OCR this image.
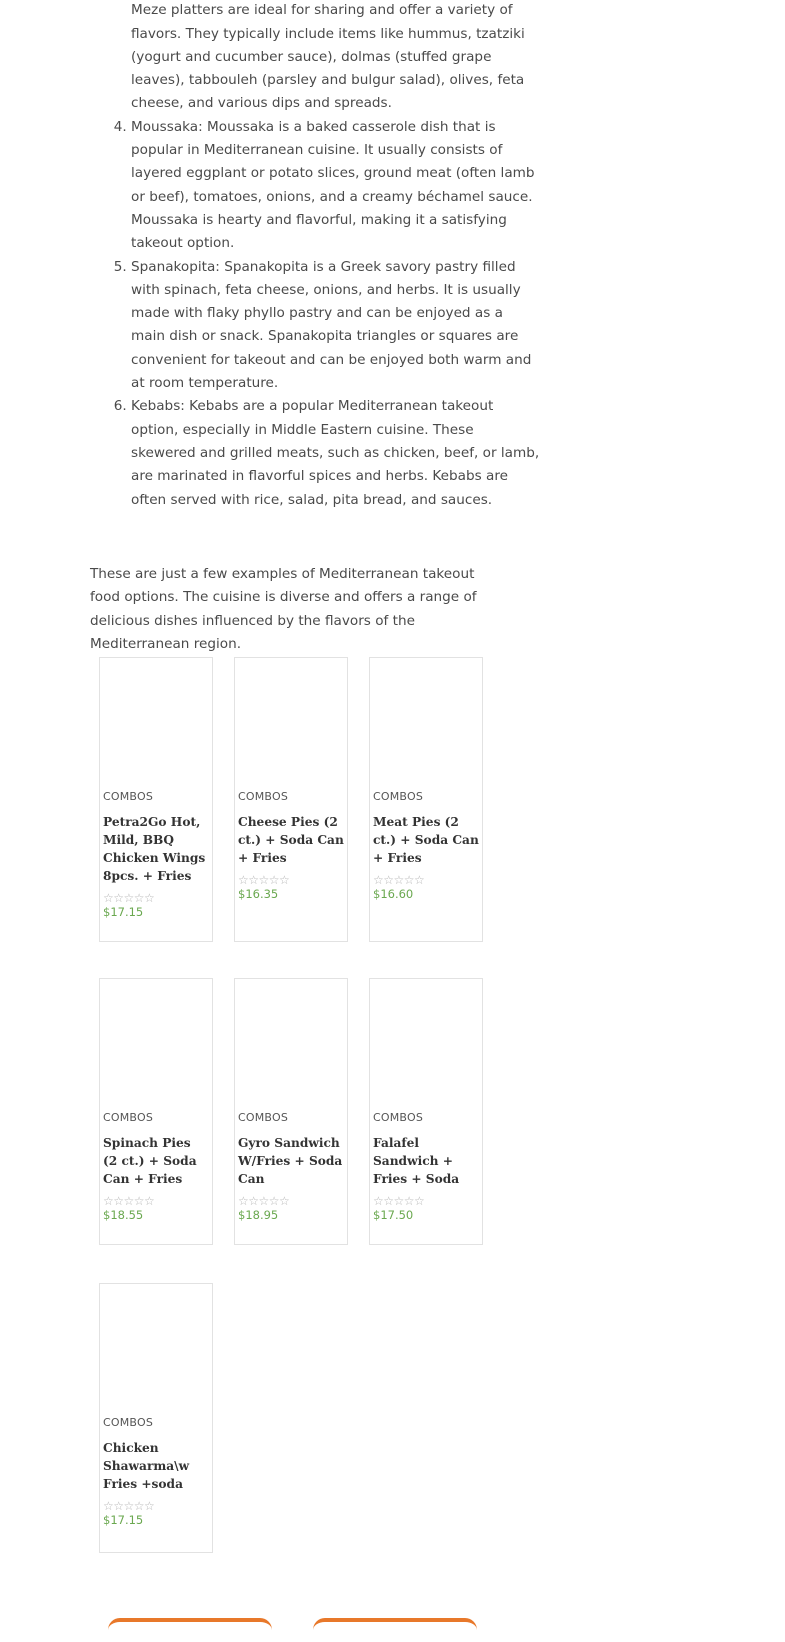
3. Meze platters are ideal for sharing and offer a variety of flavors. They typically include items like hummus, tzatziki (yogurt and cucumber sauce), dolmas (stuffed grape leaves), tabbouleh (parsley and bulgur salad), olives, feta cheese, and various dips and spreads.
4. Moussaka: Moussaka is a baked casserole dish that is popular in Mediterranean cuisine. It usually consists of layered eggplant or potato slices, ground meat (often lamb or beef), tomatoes, onions, and a creamy béchamel sauce. Moussaka is hearty and flavorful, making it a satisfying takeout option.
5. Spanakopita: Spanakopita is a Greek savory pastry filled with spinach, feta cheese, onions, and herbs. It is usually made with flaky phyllo pastry and can be enjoyed as a main dish or snack. Spanakopita triangles or squares are convenient for takeout and can be enjoyed both warm and at room temperature.
6. Kebabs: Kebabs are a popular Mediterranean takeout option, especially in Middle Eastern cuisine. These skewered and grilled meats, such as chicken, beef, or lamb, are marinated in flavorful spices and herbs. Kebabs are often served with rice, salad, pita bread, and sauces.

These are just a few examples of Mediterranean takeout food options. The cuisine is diverse and offers a range of delicious dishes influenced by the flavors of the Mediterranean region.

COMBOS
Petra2Go Hot, Mild, BBQ Chicken Wings 8pcs. + Fries
☆☆☆☆☆
$17.15
COMBOS
Cheese Pies (2 ct.) + Soda Can + Fries
☆☆☆☆☆
$16.35
COMBOS
Meat Pies (2 ct.) + Soda Can + Fries
☆☆☆☆☆
$16.60
COMBOS
Spinach Pies (2 ct.) + Soda Can + Fries
☆☆☆☆☆
$18.55
COMBOS
Gyro Sandwich W/Fries + Soda Can
☆☆☆☆☆
$18.95
COMBOS
Falafel Sandwich + Fries + Soda
☆☆☆☆☆
$17.50
COMBOS
Chicken Shawarma\w Fries +soda
☆☆☆☆☆
$17.15
